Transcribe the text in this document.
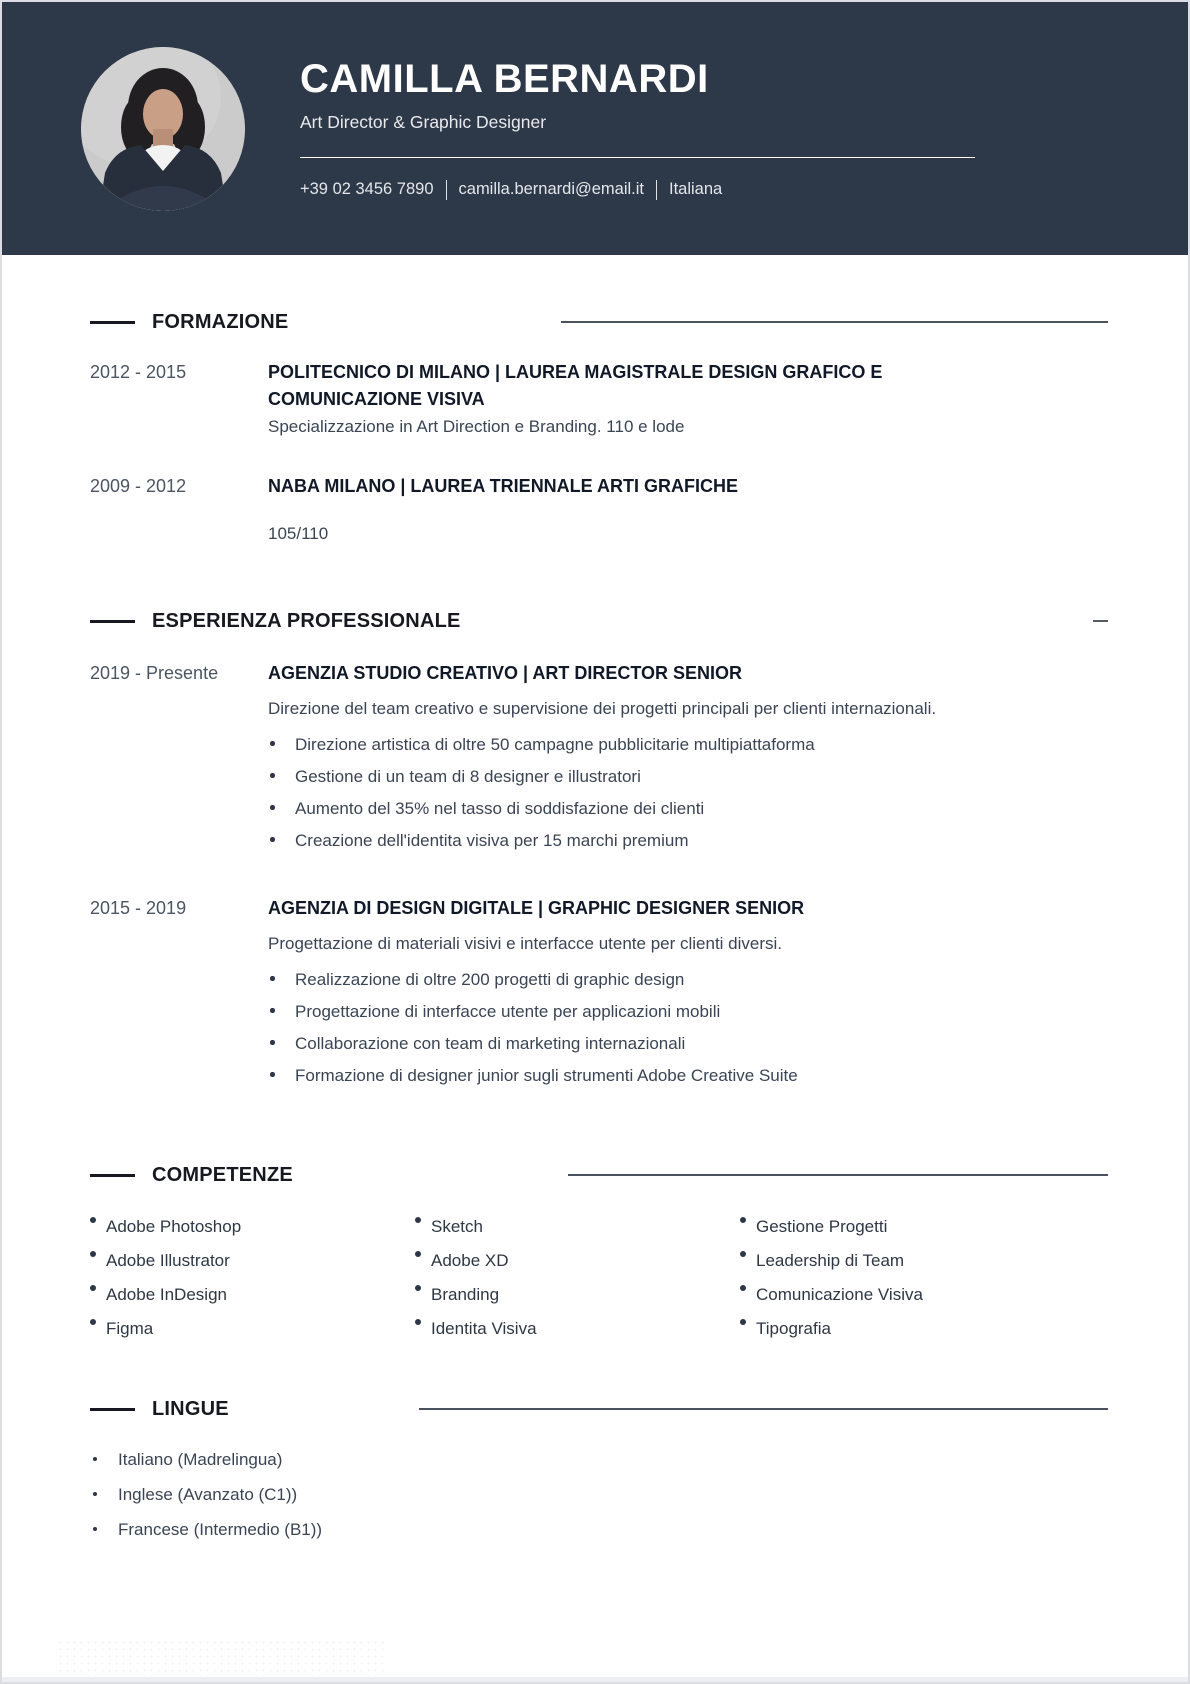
CAMILLA BERNARDI
Art Director & Graphic Designer
+39 02 3456 7890 camilla.bernardi@email.it Italiana
FORMAZIONE
2012 - 2015	POLITECNICO DI MILANO | LAUREA MAGISTRALE DESIGN GRAFICO E COMUNICAZIONE VISIVA
Specializzazione in Art Direction e Branding. 110 e lode
2009 - 2012	NABA MILANO | LAUREA TRIENNALE ARTI GRAFICHE
105/110
ESPERIENZA PROFESSIONALE
2019 - Presente	AGENZIA STUDIO CREATIVO | ART DIRECTOR SENIOR
Direzione del team creativo e supervisione dei progetti principali per clienti internazionali.
Direzione artistica di oltre 50 campagne pubblicitarie multipiattaforma
Gestione di un team di 8 designer e illustratori
Aumento del 35% nel tasso di soddisfazione dei clienti
Creazione dell'identita visiva per 15 marchi premium
2015 - 2019	AGENZIA DI DESIGN DIGITALE | GRAPHIC DESIGNER SENIOR
Progettazione di materiali visivi e interfacce utente per clienti diversi.
Realizzazione di oltre 200 progetti di graphic design
Progettazione di interfacce utente per applicazioni mobili
Collaborazione con team di marketing internazionali
Formazione di designer junior sugli strumenti Adobe Creative Suite
COMPETENZE
Adobe Photoshop	Sketch	Gestione Progetti
Adobe Illustrator	Adobe XD	Leadership di Team
Adobe InDesign	Branding	Comunicazione Visiva
Figma	Identita Visiva	Tipografia
LINGUE
Italiano (Madrelingua)
Inglese (Avanzato (C1))
Francese (Intermedio (B1))
